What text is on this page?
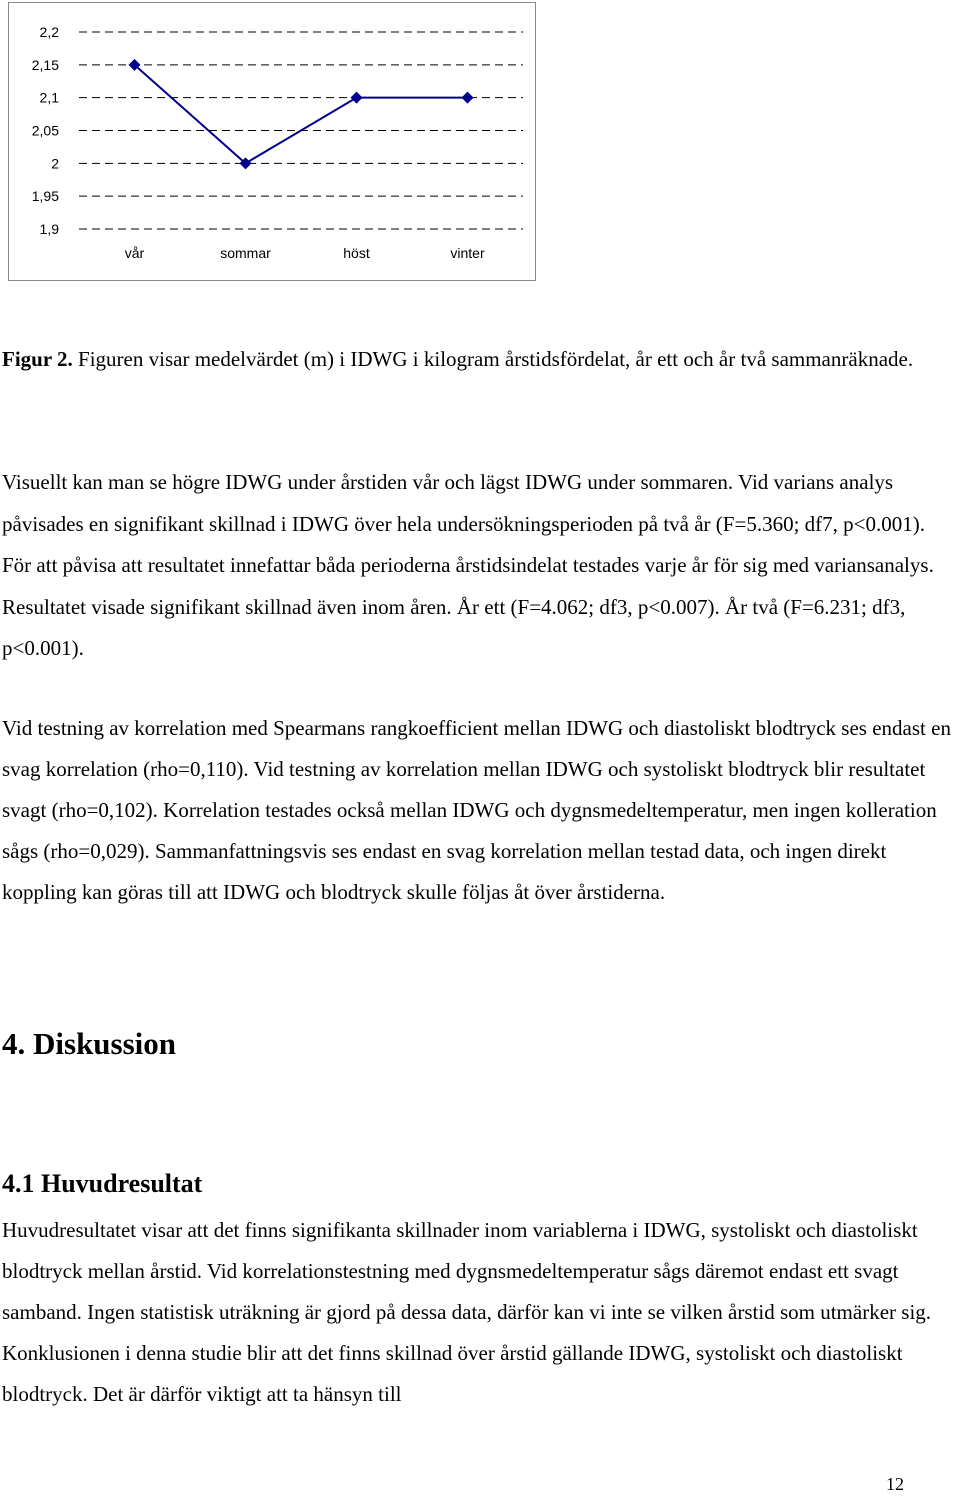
2,2
2,15
2,1
2,05
2
1,95
1,9
vår	sommar	höst	vinter

Figur 2. Figuren visar medelvärdet (m) i IDWG i kilogram årstidsfördelat, år ett och år två sammanräknade.

Visuellt kan man se högre IDWG under årstiden vår och lägst IDWG under sommaren. Vid varians analys påvisades en signifikant skillnad i IDWG över hela undersökningsperioden på två år (F=5.360; df7, p<0.001). För att påvisa att resultatet innefattar båda perioderna årstidsindelat testades varje år för sig med variansanalys. Resultatet visade signifikant skillnad även inom åren. År ett (F=4.062; df3, p<0.007). År två (F=6.231; df3, p<0.001).

Vid testning av korrelation med Spearmans rangkoefficient mellan IDWG och diastoliskt blodtryck ses endast en svag korrelation (rho=0,110). Vid testning av korrelation mellan IDWG och systoliskt blodtryck blir resultatet svagt (rho=0,102). Korrelation testades också mellan IDWG och dygnsmedeltemperatur, men ingen kolleration sågs (rho=0,029). Sammanfattningsvis ses endast en svag korrelation mellan testad data, och ingen direkt koppling kan göras till att IDWG och blodtryck skulle följas åt över årstiderna.

4. Diskussion
4.1 Huvudresultat

Huvudresultatet visar att det finns signifikanta skillnader inom variablerna i IDWG, systoliskt och diastoliskt blodtryck mellan årstid. Vid korrelationstestning med dygnsmedeltemperatur sågs däremot endast ett svagt samband. Ingen statistisk uträkning är gjord på dessa data, därför kan vi inte se vilken årstid som utmärker sig. Konklusionen i denna studie blir att det finns skillnad över årstid gällande IDWG, systoliskt och diastoliskt blodtryck. Det är därför viktigt att ta hänsyn till

12
